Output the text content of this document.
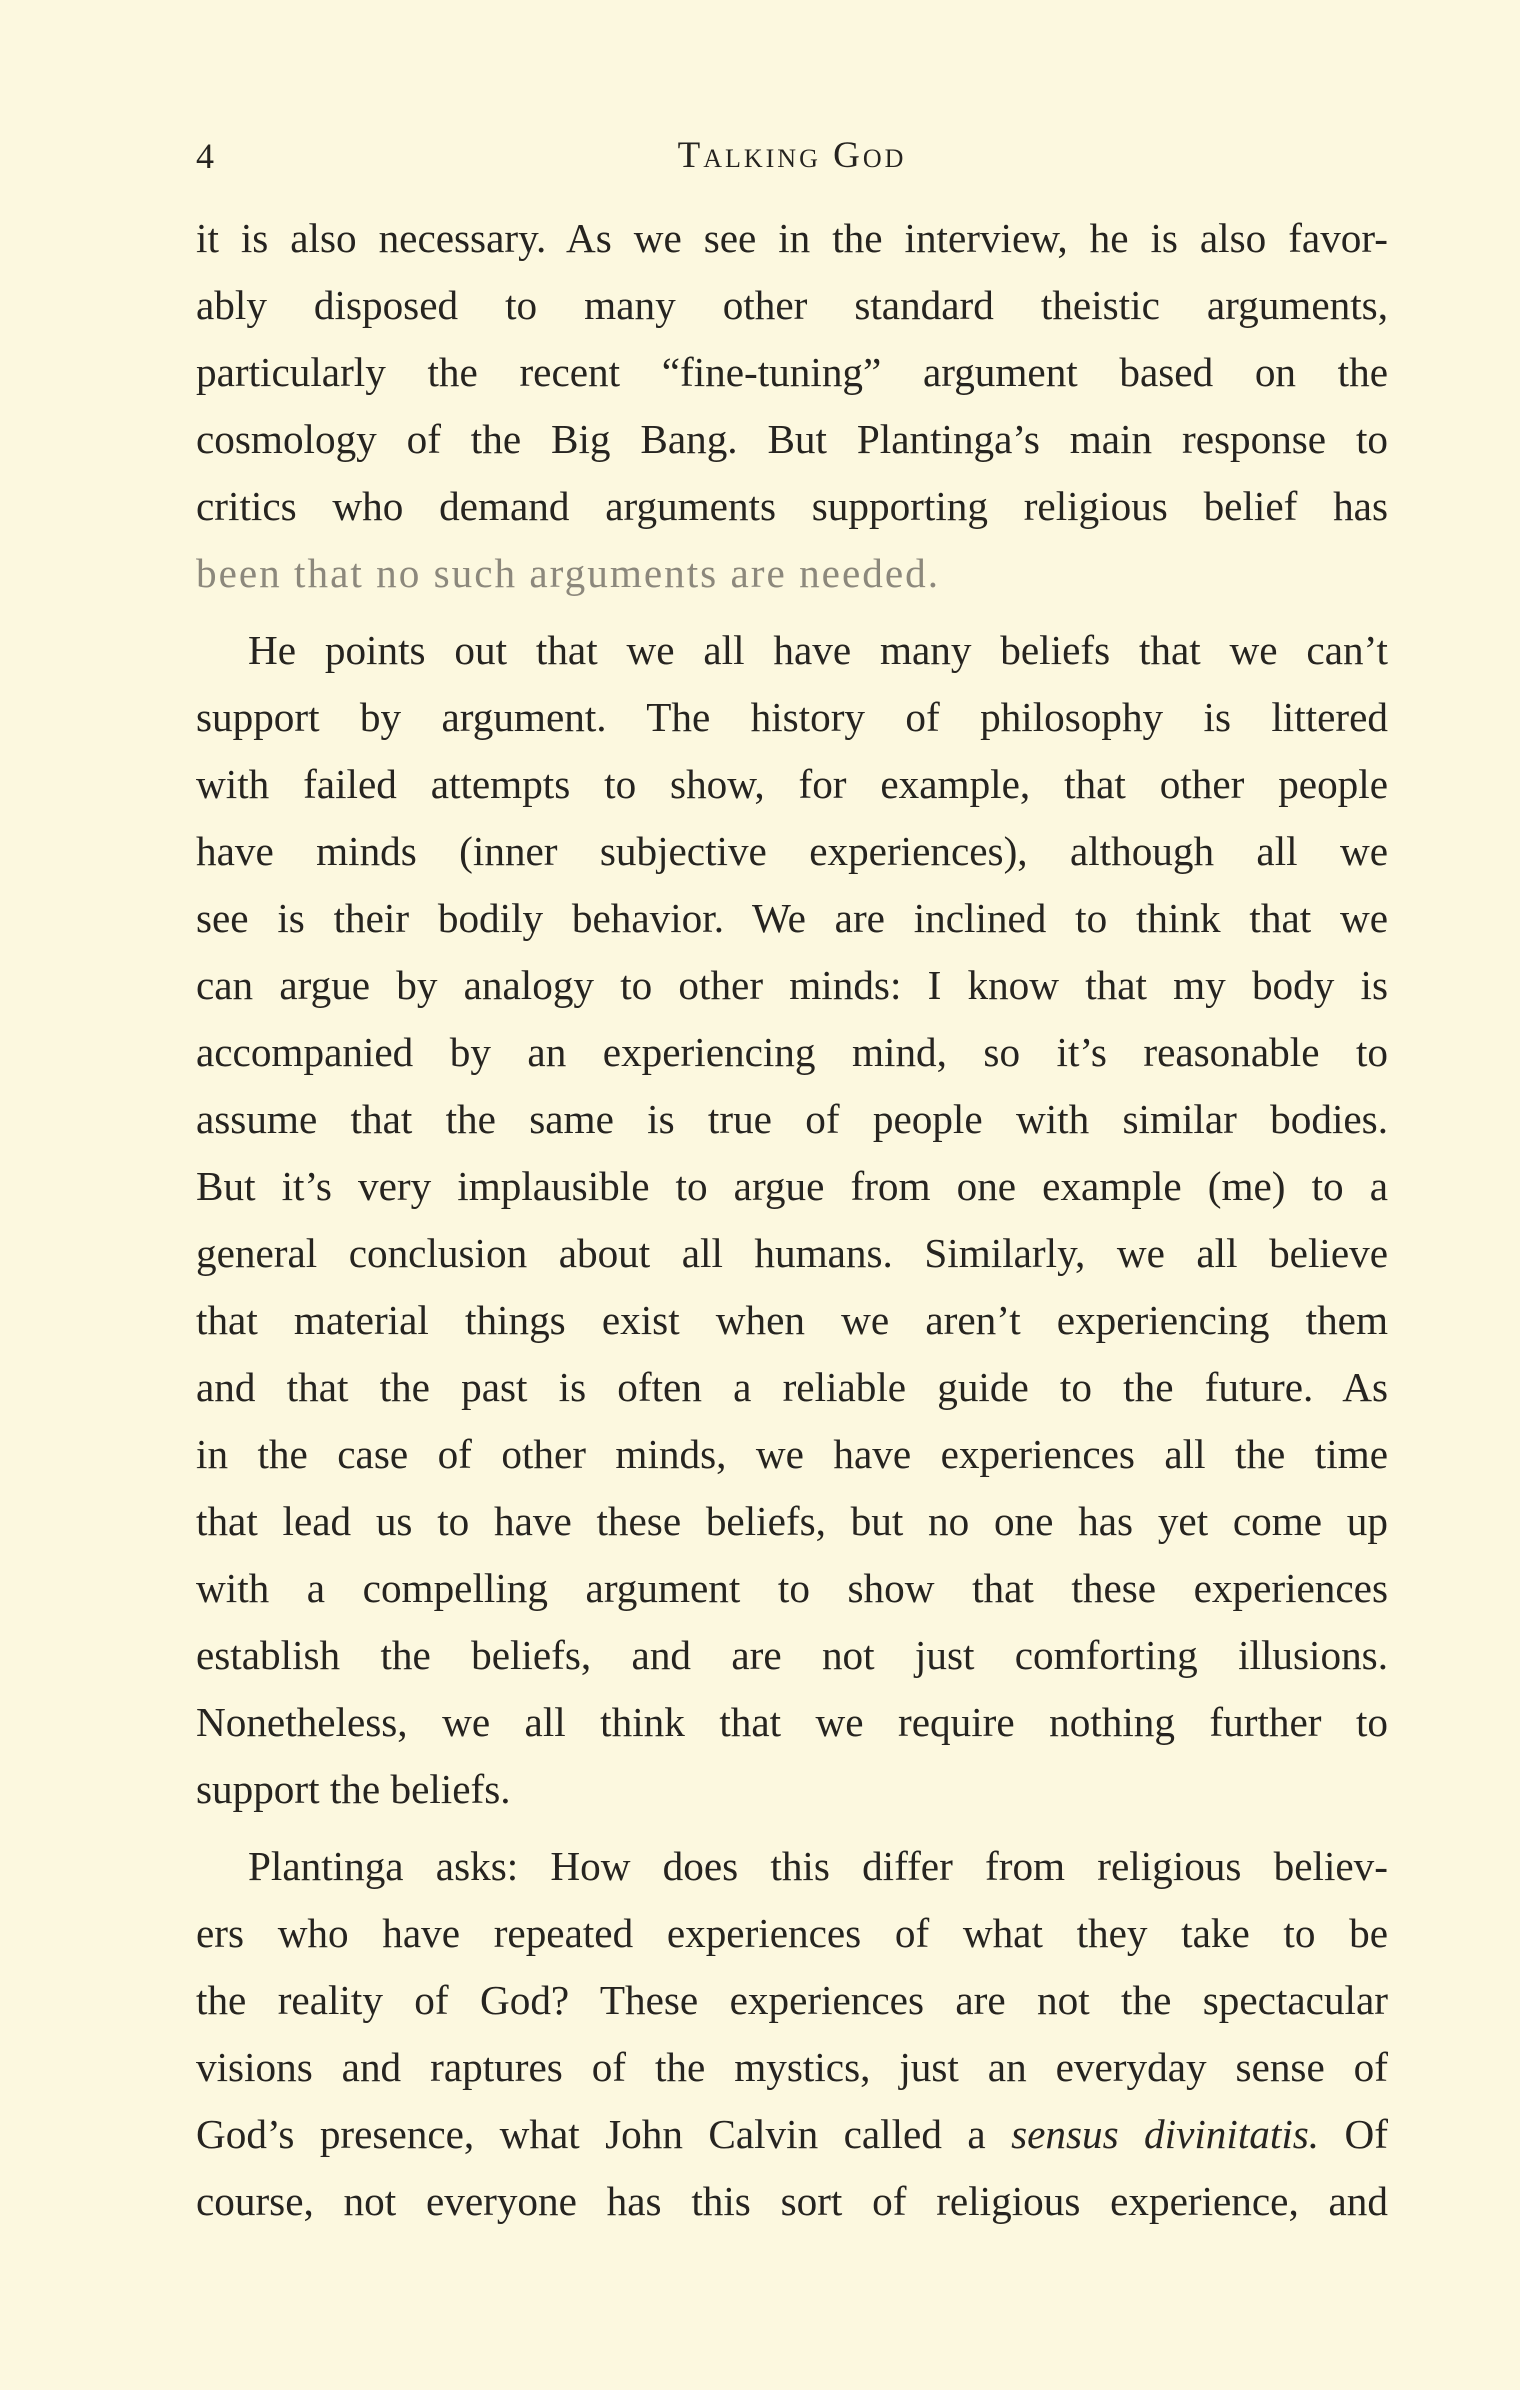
4	Talking God

it is also necessary. As we see in the interview, he is also favor-
ably disposed to many other standard theistic arguments,
particularly the recent “fine-tuning” argument based on the
cosmology of the Big Bang. But Plantinga’s main response to
critics who demand arguments supporting religious belief has
been that no such arguments are needed.

He points out that we all have many beliefs that we can’t
support by argument. The history of philosophy is littered
with failed attempts to show, for example, that other people
have minds (inner subjective experiences), although all we
see is their bodily behavior. We are inclined to think that we
can argue by analogy to other minds: I know that my body is
accompanied by an experiencing mind, so it’s reasonable to
assume that the same is true of people with similar bodies.
But it’s very implausible to argue from one example (me) to a
general conclusion about all humans. Similarly, we all believe
that material things exist when we aren’t experiencing them
and that the past is often a reliable guide to the future. As
in the case of other minds, we have experiences all the time
that lead us to have these beliefs, but no one has yet come up
with a compelling argument to show that these experiences
establish the beliefs, and are not just comforting illusions.
Nonetheless, we all think that we require nothing further to
support the beliefs.

Plantinga asks: How does this differ from religious believ-
ers who have repeated experiences of what they take to be
the reality of God? These experiences are not the spectacular
visions and raptures of the mystics, just an everyday sense of
God’s presence, what John Calvin called a sensus divinitatis. Of
course, not everyone has this sort of religious experience, and
